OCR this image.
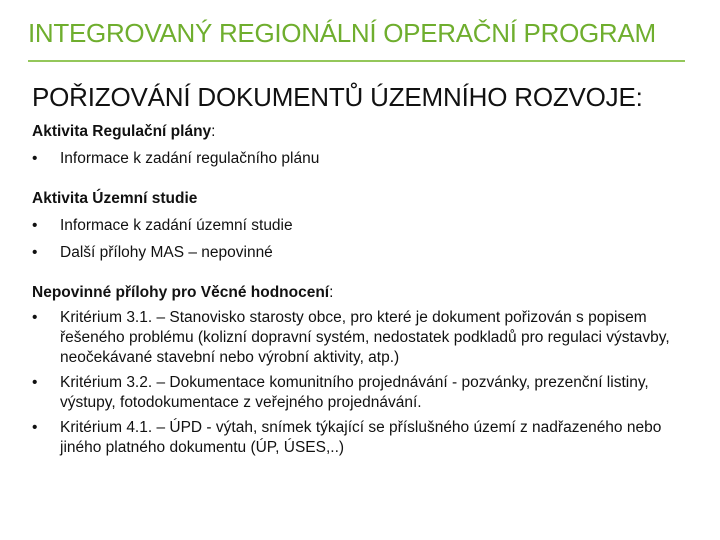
INTEGROVANÝ REGIONÁLNÍ OPERAČNÍ PROGRAM
POŘIZOVÁNÍ DOKUMENTŮ ÚZEMNÍHO ROZVOJE:
Aktivita Regulační plány:
•	Informace k zadání regulačního plánu
Aktivita Územní studie
•	Informace k zadání územní studie
•	Další přílohy MAS – nepovinné
Nepovinné přílohy pro Věcné hodnocení:
•	Kritérium 3.1. – Stanovisko starosty obce, pro které je dokument pořizován s popisem řešeného problému (kolizní dopravní systém, nedostatek podkladů pro regulaci výstavby, neočekávané stavební nebo výrobní aktivity, atp.)
•	Kritérium 3.2. – Dokumentace komunitního projednávání - pozvánky, prezenční listiny, výstupy, fotodokumentace z veřejného projednávání.
•	Kritérium 4.1. – ÚPD - výtah, snímek týkající se příslušného území z nadřazeného nebo jiného platného dokumentu (ÚP, ÚSES,..)
